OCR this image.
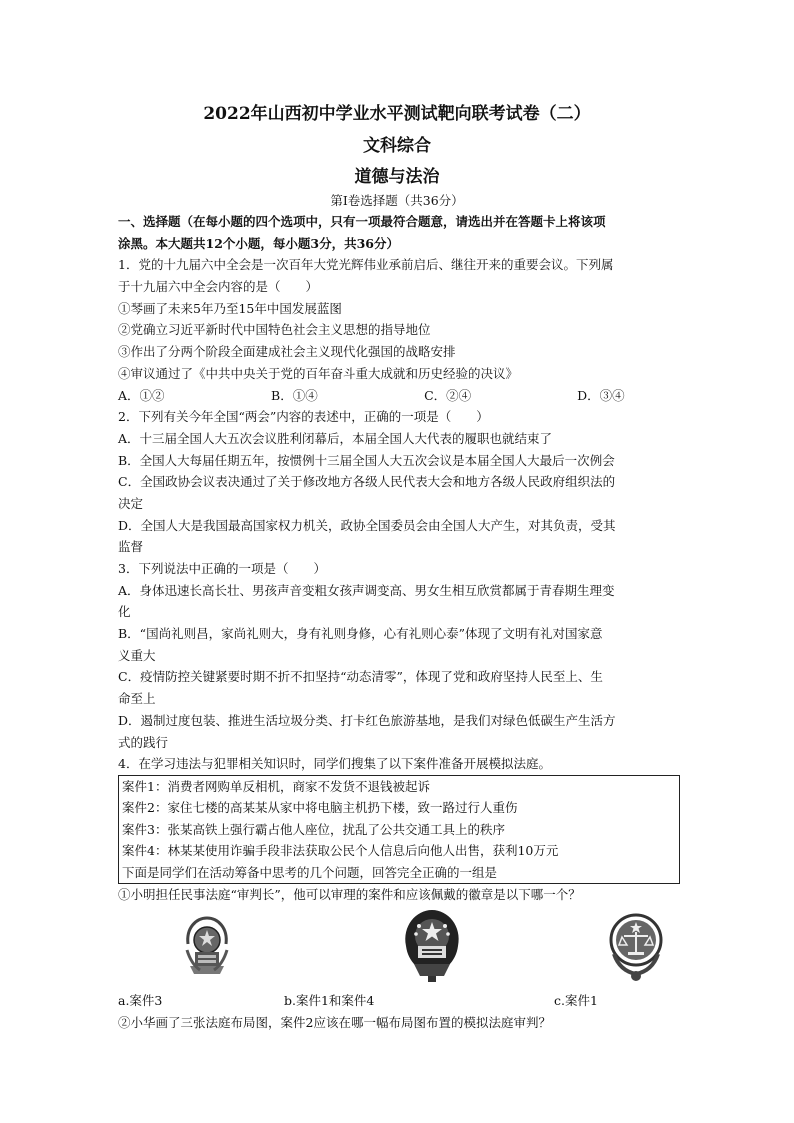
2022年山西初中学业水平测试靶向联考试卷（二）
文科综合
道德与法治
第Ⅰ卷选择题（共36分）
一、选择题（在每小题的四个选项中，只有一项最符合题意，请选出并在答题卡上将该项
涂黑。本大题共12个小题，每小题3分，共36分）
1．党的十九届六中全会是一次百年大党光辉伟业承前启后、继往开来的重要会议。下列属
于十九届六中全会内容的是（　　）
①琴画了未来5年乃至15年中国发展蓝图
②党确立习近平新时代中国特色社会主义思想的指导地位
③作出了分两个阶段全面建成社会主义现代化强国的战略安排
④审议通过了《中共中央关于党的百年奋斗重大成就和历史经验的决议》
A．①②	B．①④	C．②④	D．③④
2．下列有关今年全国“两会”内容的表述中，正确的一项是（　　）
A．十三届全国人大五次会议胜利闭幕后，本届全国人大代表的履职也就结束了
B．全国人大每届任期五年，按惯例十三届全国人大五次会议是本届全国人大最后一次例会
C．全国政协会议表决通过了关于修改地方各级人民代表大会和地方各级人民政府组织法的
决定
D．全国人大是我国最高国家权力机关，政协全国委员会由全国人大产生，对其负责，受其
监督
3．下列说法中正确的一项是（　　）
A．身体迅速长高长壮、男孩声音变粗女孩声调变高、男女生相互欣赏都属于青春期生理变
化
B．“国尚礼则昌，家尚礼则大，身有礼则身修，心有礼则心泰”体现了文明有礼对国家意
义重大
C．疫情防控关键紧要时期不折不扣坚持“动态清零”，体现了党和政府坚持人民至上、生
命至上
D．遏制过度包装、推进生活垃圾分类、打卡红色旅游基地，是我们对绿色低碳生产生活方
式的践行
4．在学习违法与犯罪相关知识时，同学们搜集了以下案件准备开展模拟法庭。
案件1：消费者网购单反相机，商家不发货不退钱被起诉
案件2：家住七楼的高某某从家中将电脑主机扔下楼，致一路过行人重伤
案件3：张某高铁上强行霸占他人座位，扰乱了公共交通工具上的秩序
案件4：林某某使用诈骗手段非法获取公民个人信息后向他人出售，获利10万元
下面是同学们在活动筹备中思考的几个问题，回答完全正确的一组是
①小明担任民事法庭“审判长”，他可以审理的案件和应该佩戴的徽章是以下哪一个？
a.案件3	b.案件1和案件4	c.案件1
②小华画了三张法庭布局图，案件2应该在哪一幅布局图布置的模拟法庭审判？
